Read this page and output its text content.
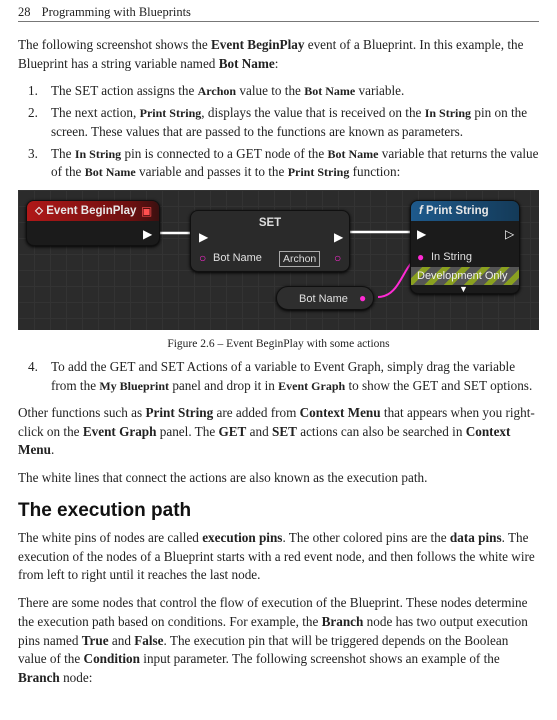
28 Programming with Blueprints

The following screenshot shows the Event BeginPlay event of a Blueprint. In this example, the Blueprint has a string variable named Bot Name:

1. The SET action assigns the Archon value to the Bot Name variable.
2. The next action, Print String, displays the value that is received on the In String pin on the screen. These values that are passed to the functions are known as parameters.
3. The In String pin is connected to a GET node of the Bot Name variable that returns the value of the Bot Name variable and passes it to the Print String function:
⬦ Event BeginPlay ▣
▶
SET
▶	▶
○ Bot Name	Archon	○
f Print String
▶	▷
● In String
Development Only
▼
Bot Name ●
Figure 2.6 – Event BeginPlay with some actions
4. To add the GET and SET Actions of a variable to Event Graph, simply drag the variable from the My Blueprint panel and drop it in Event Graph to show the GET and SET options.

Other functions such as Print String are added from Context Menu that appears when you right-click on the Event Graph panel. The GET and SET actions can also be searched in Context Menu.

The white lines that connect the actions are also known as the execution path.

The execution path

The white pins of nodes are called execution pins. The other colored pins are the data pins. The execution of the nodes of a Blueprint starts with a red event node, and then follows the white wire from left to right until it reaches the last node.

There are some nodes that control the flow of execution of the Blueprint. These nodes determine the execution path based on conditions. For example, the Branch node has two output execution pins named True and False. The execution pin that will be triggered depends on the Boolean value of the Condition input parameter. The following screenshot shows an example of the Branch node:
